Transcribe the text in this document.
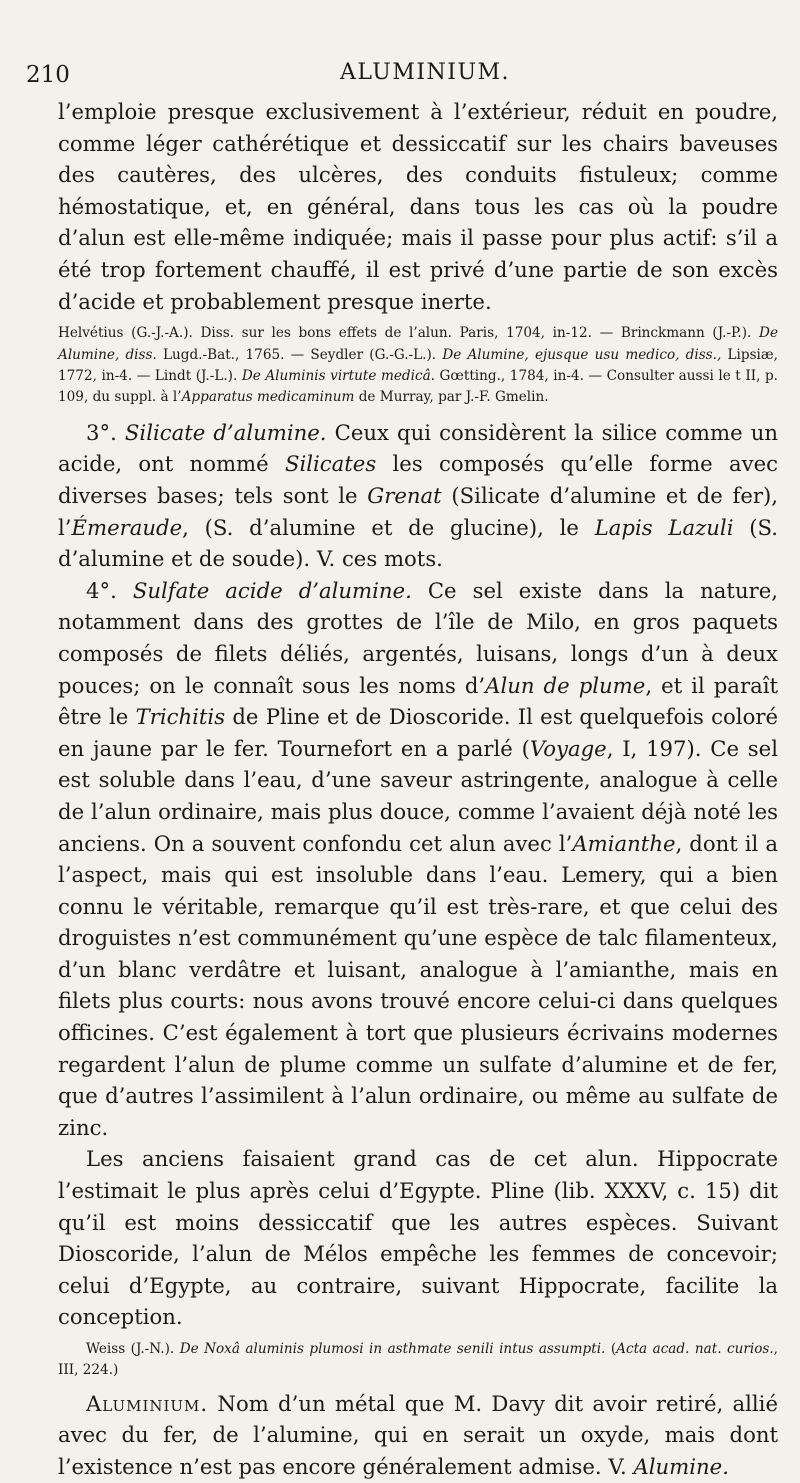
210	ALUMINIUM.

l’emploie presque exclusivement à l’extérieur, réduit en poudre, comme léger cathérétique et dessiccatif sur les chairs baveuses des cautères, des ulcères, des conduits fistuleux; comme hémostatique, et, en général, dans tous les cas où la poudre d’alun est elle-même indiquée; mais il passe pour plus actif: s’il a été trop fortement chauffé, il est privé d’une partie de son excès d’acide et probablement presque inerte.

Helvétius (G.-J.-A.). Diss. sur les bons effets de l’alun. Paris, 1704, in-12. — Brinckmann (J.-P.). De Alumine, diss. Lugd.-Bat., 1765. — Seydler (G.-G.-L.). De Alumine, ejusque usu medico, diss., Lipsiæ, 1772, in-4. — Lindt (J.-L.). De Aluminis virtute medicâ. Gœtting., 1784, in-4. — Consulter aussi le t II, p. 109, du suppl. à l’Apparatus medicaminum de Murray, par J.-F. Gmelin.

3°. Silicate d’alumine. Ceux qui considèrent la silice comme un acide, ont nommé Silicates les composés qu’elle forme avec diverses bases; tels sont le Grenat (Silicate d’alumine et de fer), l’Émeraude, (S. d’alumine et de glucine), le Lapis Lazuli (S. d’alumine et de soude). V. ces mots.

4°. Sulfate acide d’alumine. Ce sel existe dans la nature, notamment dans des grottes de l’île de Milo, en gros paquets composés de filets déliés, argentés, luisans, longs d’un à deux pouces; on le connaît sous les noms d’Alun de plume, et il paraît être le Trichitis de Pline et de Dioscoride. Il est quelquefois coloré en jaune par le fer. Tournefort en a parlé (Voyage, I, 197). Ce sel est soluble dans l’eau, d’une saveur astringente, analogue à celle de l’alun ordinaire, mais plus douce, comme l’avaient déjà noté les anciens. On a souvent confondu cet alun avec l’Amianthe, dont il a l’aspect, mais qui est insoluble dans l’eau. Lemery, qui a bien connu le véritable, remarque qu’il est très-rare, et que celui des droguistes n’est communément qu’une espèce de talc filamenteux, d’un blanc verdâtre et luisant, analogue à l’amianthe, mais en filets plus courts: nous avons trouvé encore celui-ci dans quelques officines. C’est également à tort que plusieurs écrivains modernes regardent l’alun de plume comme un sulfate d’alumine et de fer, que d’autres l’assimilent à l’alun ordinaire, ou même au sulfate de zinc.

Les anciens faisaient grand cas de cet alun. Hippocrate l’estimait le plus après celui d’Egypte. Pline (lib. XXXV, c. 15) dit qu’il est moins dessiccatif que les autres espèces. Suivant Dioscoride, l’alun de Mélos empêche les femmes de concevoir; celui d’Egypte, au contraire, suivant Hippocrate, facilite la conception.

Weiss (J.-N.). De Noxâ aluminis plumosi in asthmate senili intus assumpti. (Acta acad. nat. curios., III, 224.)

Aluminium. Nom d’un métal que M. Davy dit avoir retiré, allié avec du fer, de l’alumine, qui en serait un oxyde, mais dont l’existence n’est pas encore généralement admise. V. Alumine.
